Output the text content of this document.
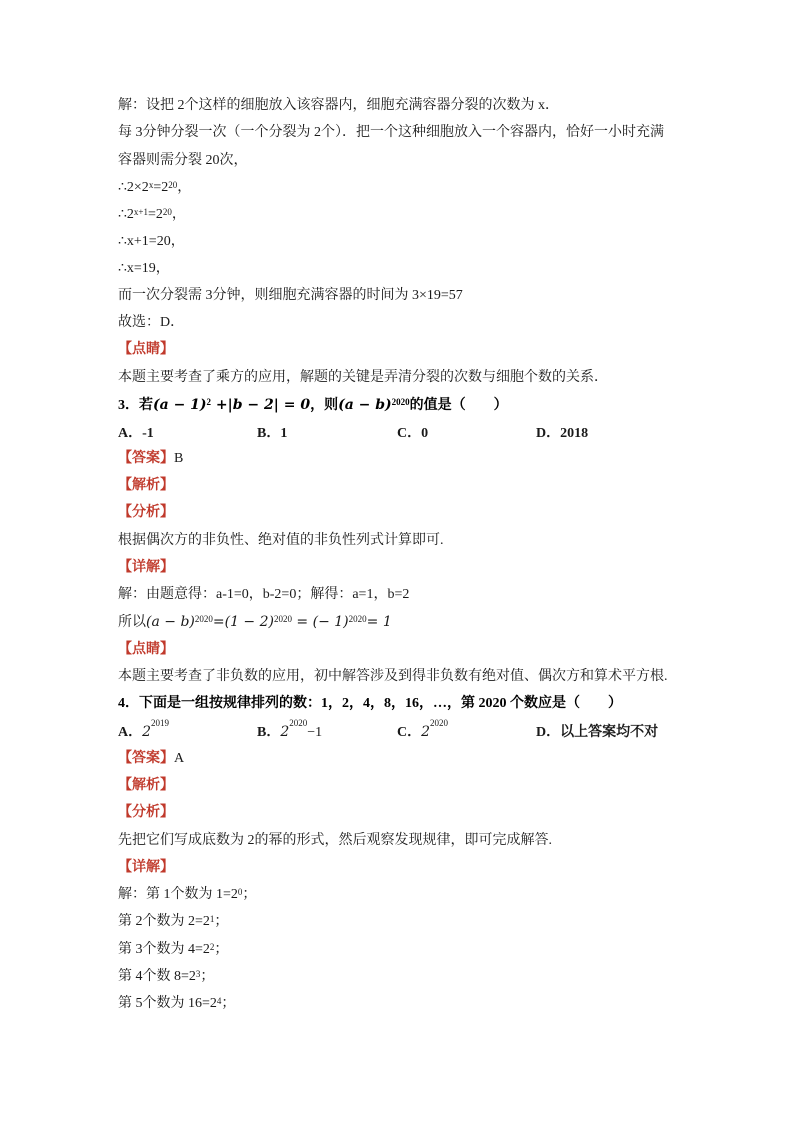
解：设把 2个这样的细胞放入该容器内，细胞充满容器分裂的次数为 x．
每 3分钟分裂一次（一个分裂为 2个）．把一个这种细胞放入一个容器内，恰好一小时充满
容器则需分裂 20次，
$\therefore 2\times 2^x=2^{20}$，
$\therefore 2^{x+1}=2^{20}$，
∴x+1=20，
∴x=19，
而一次分裂需 3分钟，则细胞充满容器的时间为 3×19=57
故选：D．
【点睛】
本题主要考查了乘方的应用，解题的关键是弄清分裂的次数与细胞个数的关系．
3．若$(a - 1)^2 +|b - 2| = 0$，则$(a - b)^{2020}$的值是（　　）
A．-1	B．1	C．0	D．2018
【答案】B
【解析】
【分析】
根据偶次方的非负性、绝对值的非负性列式计算即可.
【详解】
解：由题意得：a-1=0，b-2=0；解得：a=1，b=2
所以$(a - b)^{2020}=(1 - 2)^{2020}$ = (− 1)$^{2020}$= 1
【点睛】
本题主要考查了非负数的应用，初中解答涉及到得非负数有绝对值、偶次方和算术平方根.
4．下面是一组按规律排列的数：1，2，4，8，16，…，第 2020 个数应是（　　）
A．$2^{2019}$
B．$2^{2020}-1$	C．$2^{2020}$
D．以上答案均不对
【答案】A
【解析】
【分析】
先把它们写成底数为 2的幂的形式，然后观察发现规律，即可完成解答.
【详解】
解：第 1个数为 $1=2^0$；
第 2个数为 $2=2^1$；
第 3个数为 $4=2^2$；
第 4个数 $8=2^3$；
第 5个数为 $16=2^4$；
